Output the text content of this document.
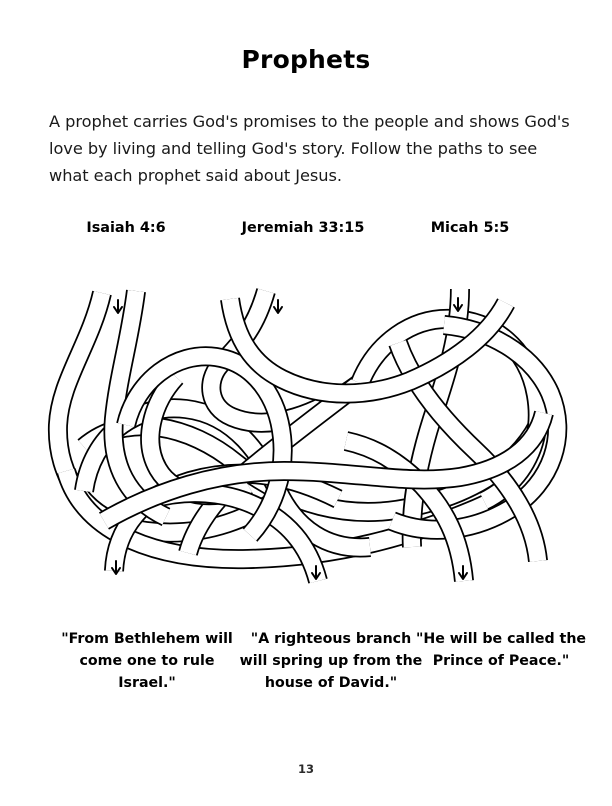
Prophets

A prophet carries God's promises to the people and shows God's love by living and telling God's story. Follow the paths to see what each prophet said about Jesus.

Isaiah 4:6	Jeremiah 33:15	Micah 5:5
"From Bethlehem will come one to rule Israel."
"A righteous branch will spring up from the house of David."
"He will be called the Prince of Peace."
13
